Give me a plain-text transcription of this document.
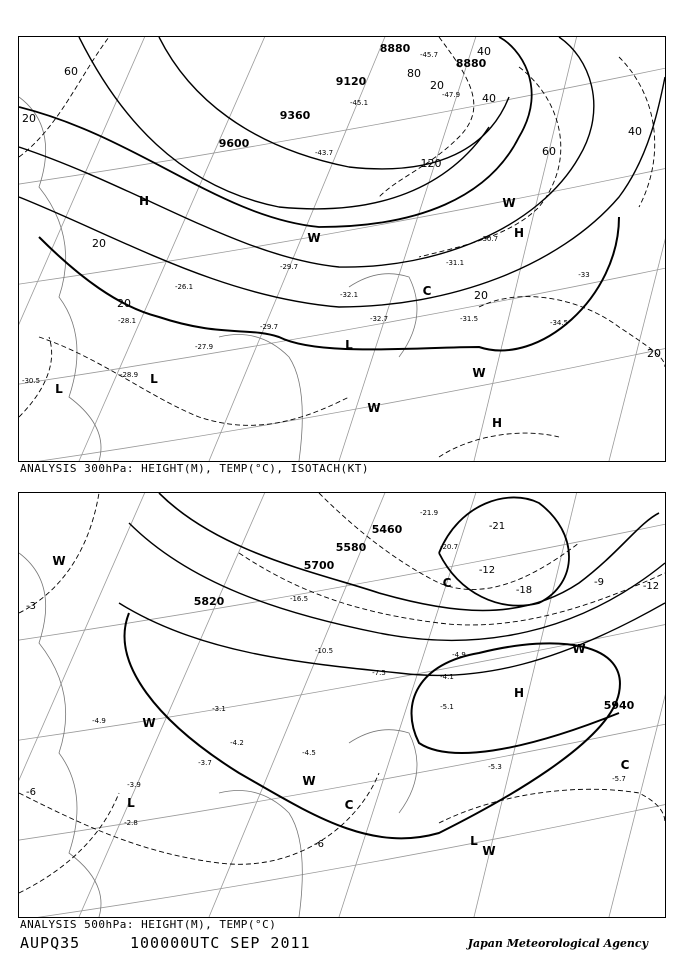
8880
8880
9120
9360
9600
20
20
40
60	80
40
120
60
40
20
20
20
20
H
H
H
L
L
L
W
W
W
W
C
-45.7
-47.9
-45.1
-43.7
-34.5
-31.5
-31.1
-30.7
-32.7
-32.1
-29.7
-28.1
-27.9
-26.1
-28.9
-30.5
-29.7
-33
ANALYSIS 300hPa: HEIGHT(M), TEMP(°C), ISOTACH(KT)
5460
5580
5700
5820
5940
-21
-18
-12
-9
-6
-3
-6
-12
C
C
C
H
L
L
W
W
W
W
W
-21.9
-20.7
-16.5
-10.5
-7.5	-4.1
-4.9
-5.1
-5.3
-5.7
-4.5
-3.7
-4.2
-3.1
-4.9
-3.9
-2.8
ANALYSIS 500hPa: HEIGHT(M), TEMP(°C)
AUPQ35	100000UTC SEP 2011	Japan Meteorological Agency
